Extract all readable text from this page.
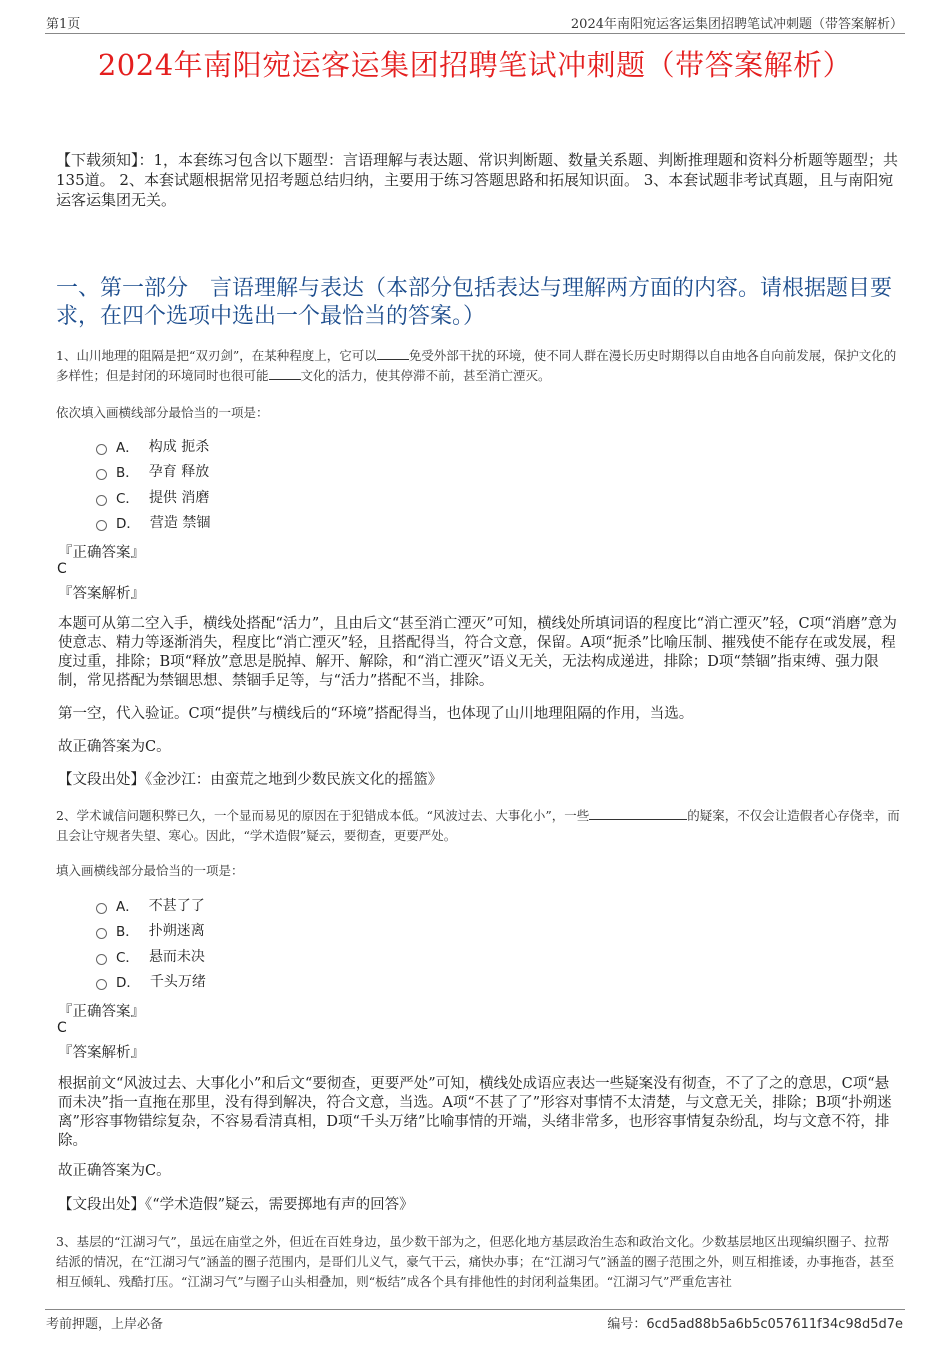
第1页	2024年南阳宛运客运集团招聘笔试冲刺题（带答案解析）
2024年南阳宛运客运集团招聘笔试冲刺题（带答案解析）
【下载须知】：1，本套练习包含以下题型：言语理解与表达题、常识判断题、数量关系题、判断推理题和资料分析题等题型；共135道。 2、本套试题根据常见招考题总结归纳，主要用于练习答题思路和拓展知识面。 3、本套试题非考试真题，且与南阳宛运客运集团无关。
一、第一部分　言语理解与表达（本部分包括表达与理解两方面的内容。请根据题目要求，在四个选项中选出一个最恰当的答案。）
1、山川地理的阻隔是把“双刃剑”，在某种程度上，它可以	免受外部干扰的环境，使不同人群在漫长历史时期得以自由地各自向前发展，保护文化的多样性；但是封闭的环境同时也很可能	文化的活力，使其停滞不前，甚至消亡湮灭。
依次填入画横线部分最恰当的一项是：
A． 构成 扼杀
B． 孕育 释放
C． 提供 消磨
D． 营造 禁锢
『正确答案』
C
『答案解析』
本题可从第二空入手，横线处搭配“活力”，且由后文“甚至消亡湮灭”可知，横线处所填词语的程度比“消亡湮灭”轻，C项“消磨”意为使意志、精力等逐渐消失，程度比“消亡湮灭”轻，且搭配得当，符合文意，保留。A项“扼杀”比喻压制、摧残使不能存在或发展，程度过重，排除；B项“释放”意思是脱掉、解开、解除，和“消亡湮灭”语义无关，无法构成递进，排除；D项“禁锢”指束缚、强力限制，常见搭配为禁锢思想、禁锢手足等，与“活力”搭配不当，排除。
第一空，代入验证。C项“提供”与横线后的“环境”搭配得当，也体现了山川地理阻隔的作用，当选。
故正确答案为C。
【文段出处】《金沙江：由蛮荒之地到少数民族文化的摇篮》
2、学术诚信问题积弊已久，一个显而易见的原因在于犯错成本低。“风波过去、大事化小”，一些	的疑案，不仅会让造假者心存侥幸，而且会让守规者失望、寒心。因此，“学术造假”疑云，要彻查，更要严处。
填入画横线部分最恰当的一项是：
A． 不甚了了
B． 扑朔迷离
C． 悬而未决
D． 千头万绪
『正确答案』
C
『答案解析』
根据前文“风波过去、大事化小”和后文“要彻查，更要严处”可知，横线处成语应表达一些疑案没有彻查，不了了之的意思，C项“悬而未决”指一直拖在那里，没有得到解决，符合文意，当选。A项“不甚了了”形容对事情不太清楚，与文意无关，排除；B项“扑朔迷离”形容事物错综复杂，不容易看清真相，D项“千头万绪”比喻事情的开端，头绪非常多，也形容事情复杂纷乱，均与文意不符，排除。
故正确答案为C。
【文段出处】《“学术造假”疑云，需要掷地有声的回答》
3、基层的“江湖习气”，虽远在庙堂之外，但近在百姓身边，虽少数干部为之，但恶化地方基层政治生态和政治文化。少数基层地区出现编织圈子、拉帮结派的情况，在“江湖习气”涵盖的圈子范围内，是哥们儿义气，豪气干云，痛快办事；在“江湖习气”涵盖的圈子范围之外，则互相推诿，办事拖沓，甚至相互倾轧、残酷打压。“江湖习气”与圈子山头相叠加，则“板结”成各个具有排他性的封闭利益集团。“江湖习气”严重危害社
考前押题，上岸必备	编号：6cd5ad88b5a6b5c057611f34c98d5d7e
